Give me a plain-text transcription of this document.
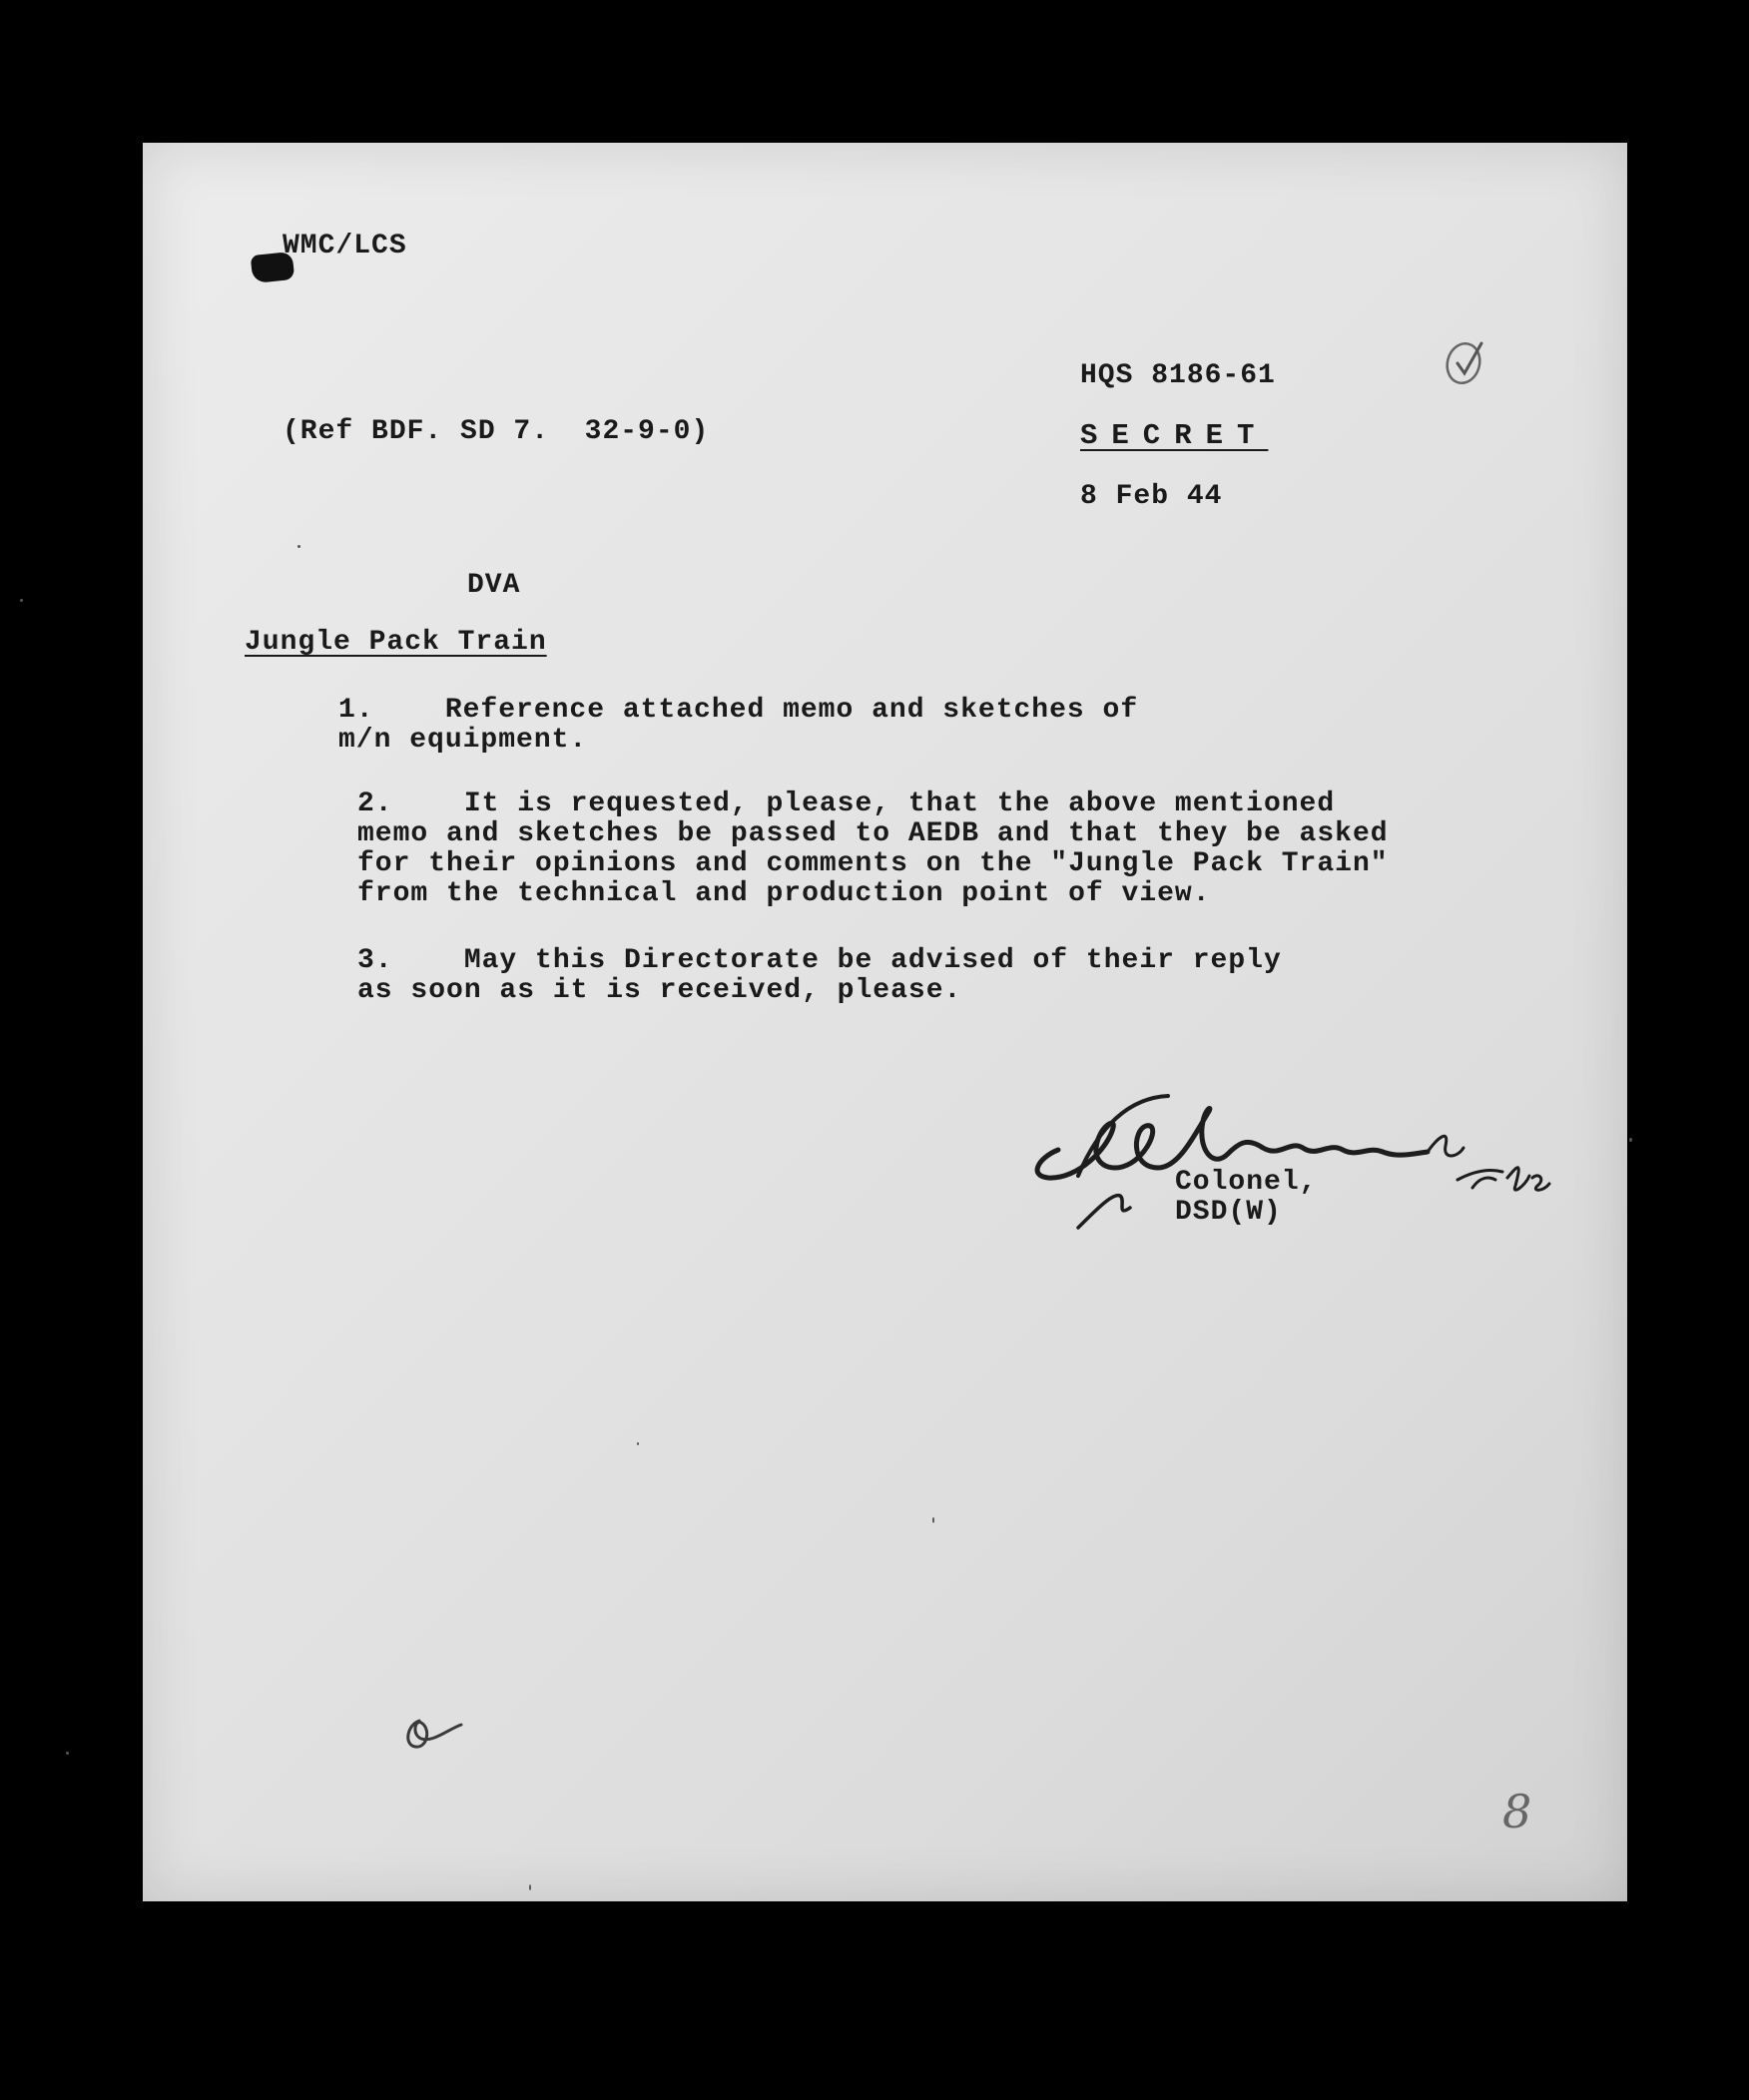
WMC/LCS
HQS 8186-61
(Ref BDF. SD 7.  32-9-0)	SECRET
8 Feb 44
DVA
Jungle Pack Train
1.    Reference attached memo and sketches of
m/n equipment.
2.    It is requested, please, that the above mentioned
memo and sketches be passed to AEDB and that they be asked
for their opinions and comments on the "Jungle Pack Train"
from the technical and production point of view.
3.    May this Directorate be advised of their reply
as soon as it is received, please.
Colonel,
DSD(W)
8
